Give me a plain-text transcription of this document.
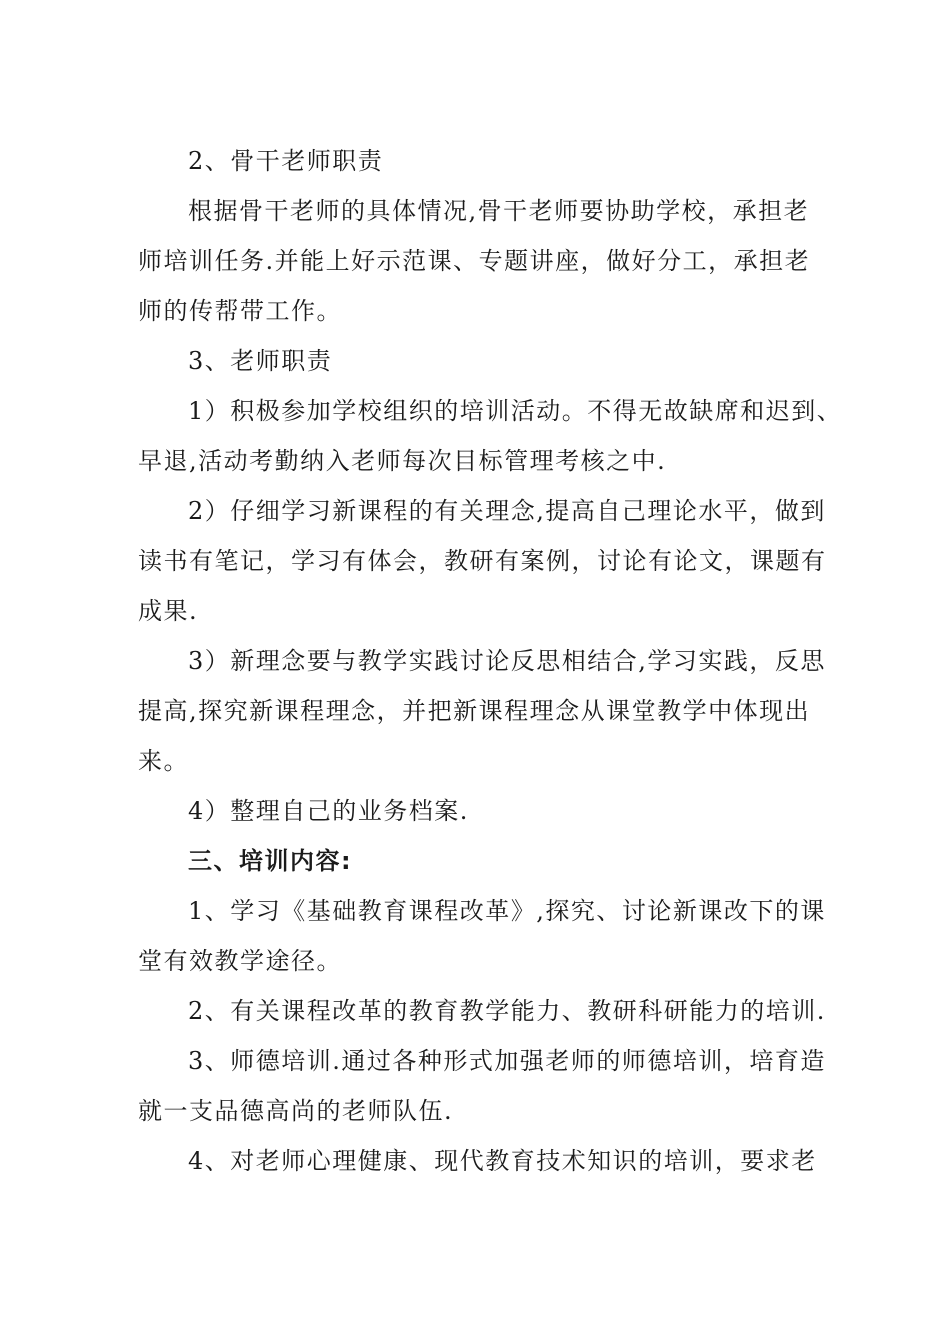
2、骨干老师职责

根据骨干老师的具体情况,骨干老师要协助学校，承担老

师培训任务.并能上好示范课、专题讲座，做好分工，承担老

师的传帮带工作。

3、老师职责

1）积极参加学校组织的培训活动。不得无故缺席和迟到、

早退,活动考勤纳入老师每次目标管理考核之中.

2）仔细学习新课程的有关理念,提高自己理论水平，做到

读书有笔记，学习有体会，教研有案例，讨论有论文，课题有

成果.

3）新理念要与教学实践讨论反思相结合,学习实践，反思

提高,探究新课程理念，并把新课程理念从课堂教学中体现出

来。

4）整理自己的业务档案.

三、培训内容:

1、学习《基础教育课程改革》,探究、讨论新课改下的课

堂有效教学途径。

2、有关课程改革的教育教学能力、教研科研能力的培训.

3、师德培训.通过各种形式加强老师的师德培训，培育造

就一支品德高尚的老师队伍.

4、对老师心理健康、现代教育技术知识的培训，要求老
